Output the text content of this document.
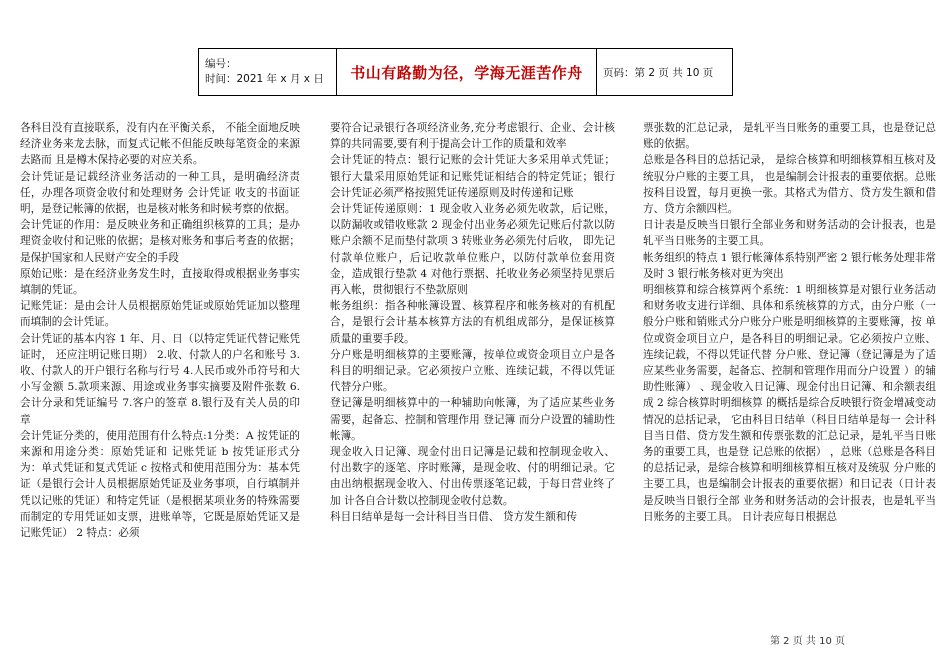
编号：
时间：2021 年 x 月 x 日	书山有路勤为径，学海无涯苦作舟	页码：第 2 页 共 10 页

各科目没有直接联系，没有内在平衡关系， 不能全面地反映经济业务来龙去脉，而复式记帐不但能反映每笔资金的来源去路而 且是樽木保持必要的对应关系。

会计凭证是记载经济业务活动的一种工具，是明确经济责任，办理各项资金收付和处理财务 会计凭证 收支的书面证明，是登记帐簿的依据，也是核对帐务和时候考察的依据。

会计凭证的作用：是反映业务和正确组织核算的工具；是办理资金收付和记账的依据；是核对账务和事后考查的依据；是保护国家和人民财产安全的手段

原始记账：是在经济业务发生时，直接取得或根据业务事实填制的凭证。

记账凭证：是由会计人员根据原始凭证或原始凭证加以整理而填制的会计凭证。

会计凭证的基本内容 1 年、月、日（以特定凭证代替记账凭证时， 还应注明记账日期） 2.收、付款人的户名和账号 3.收、付款人的开户银行名称与行号 4.人民币或外币符号和大小写金额 5.款项来源、用途或业务事实摘要及附件张数 6.会计分录和凭证编号 7.客户的签章 8.银行及有关人员的印章

会计凭证分类的，使用范围有什么特点:1分类：A 按凭证的来源和用途分类：原始凭证和 记账凭证 b 按凭证形式分为：单式凭证和复式凭证 c 按格式和使用范围分为：基本凭证（是银行会计人员根据原始凭证及业务事项，自行填制并凭以记账的凭证）和特定凭证（是根据某项业务的特殊需要而制定的专用凭证如支票，进账单等，它既是原始凭证又是记账凭证） 2 特点：必须

要符合记录银行各项经济业务,充分考虑银行、企业、会计核算的共同需要,要有利于提高会计工作的质量和效率

会计凭证的特点：银行记账的会计凭证大多采用单式凭证； 银行大量采用原始凭证和记账凭证相结合的特定凭证；银行会计凭证必须严格按照凭证传递原则及时传递和记账

会计凭证传递原则：1 现金收入业务必须先收款，后记账，以防漏收或错收账款 2 现金付出业务必须先记账后付款以防账户余额不足而垫付款项 3 转账业务必须先付后收， 即先记付款单位账户，后记收款单位账户，以防付款单位套用资金，造成银行垫款 4 对他行票据、托收业务必须坚持见票后再入帐，贯彻银行不垫款原则

帐务组织：指各种帐簿设置、核算程序和帐务核对的有机配合，是银行会计基本核算方法的有机组成部分，是保证核算质量的重要手段。

分户账是明细核算的主要账簿，按单位或资金项目立户是各科目的明细记录。它必须按户立账、连续记载，不得以凭证代替分户账。

登记簿是明细核算中的一种辅助向帐簿，为了适应某些业务需要，起备忘、控制和管理作用 登记簿 而分户设置的辅助性帐簿。

现金收入日记簿、现金付出日记簿是记载和控制现金收入、付出数字的逐笔、序时账簿，是现金收、付的明细记录。它由出纳根据现金收入、付出传票逐笔记载，于每日营业终了加 计各自合计数以控制现金收付总数。

科目日结单是每一会计科目当日借、 贷方发生额和传

票张数的汇总记录， 是轧平当日账务的重要工具，也是登记总账的依据。

总账是各科目的总括记录， 是综合核算和明细核算相互核对及统驭分户账的主要工具， 也是编制会计报表的重要依据。总账按科目设置，每月更换一张。其格式为借方、贷方发生额和借方、贷方余额四栏。

日计表是反映当日银行全部业务和财务活动的会计报表，也是轧平当日账务的主要工具。

帐务组织的特点 1 银行帐簿体系特别严密 2 银行帐务处理非常及时 3 银行帐务核对更为突出

明细核算和综合核算两个系统：1 明细核算是对银行业务活动和财务收支进行详细、具体和系统核算的方式，由分户账（一般分户账和销账式分户账分户账是明细核算的主要账簿，按 单位或资金项目立户，是各科目的明细记录。它必须按户立账、连续记载，不得以凭证代替 分户账、登记簿（登记簿是为了适应某些业务需要，起备忘、控制和管理作用而分户设置 ）的辅助性账簿） 、现金收入日记簿、现金付出日记簿、和余额表组成 2 综合核算时明细核算 的概括是综合反映银行资金增减变动情况的总括记录， 它由科目日结单（科目日结单是每一 会计科目当日借、贷方发生额和传票张数的汇总记录，是轧平当日账务的重要工具，也是登 记总账的依据） ，总账（总账是各科目的总括记录，是综合核算和明细核算相互核对及统驭 分户账的主要工具，也是编制会计报表的重要依据）和日记表（日计表是反映当日银行全部 业务和财务活动的会计报表，也是轧平当日账务的主要工具。 日计表应每日根据总

第 2 页 共 10 页
